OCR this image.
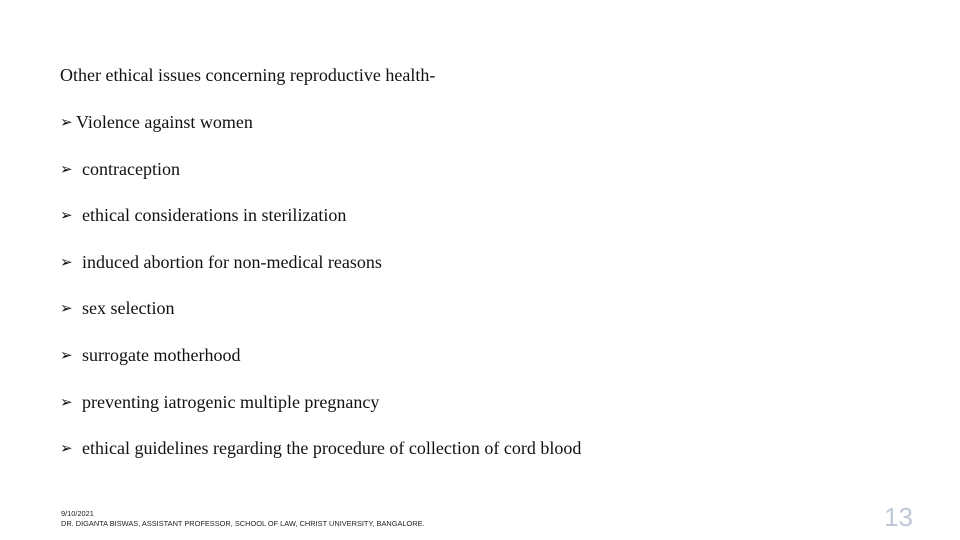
Other ethical issues concerning reproductive health-
➢ Violence against women
➢ contraception
➢ ethical considerations in sterilization
➢ induced abortion for non-medical reasons
➢ sex selection
➢ surrogate motherhood
➢ preventing iatrogenic multiple pregnancy
➢ ethical guidelines regarding the procedure of collection of cord blood
9/10/2021
DR. DIGANTA BISWAS, ASSISTANT PROFESSOR, SCHOOL OF LAW, CHRIST UNIVERSITY, BANGALORE.	13
